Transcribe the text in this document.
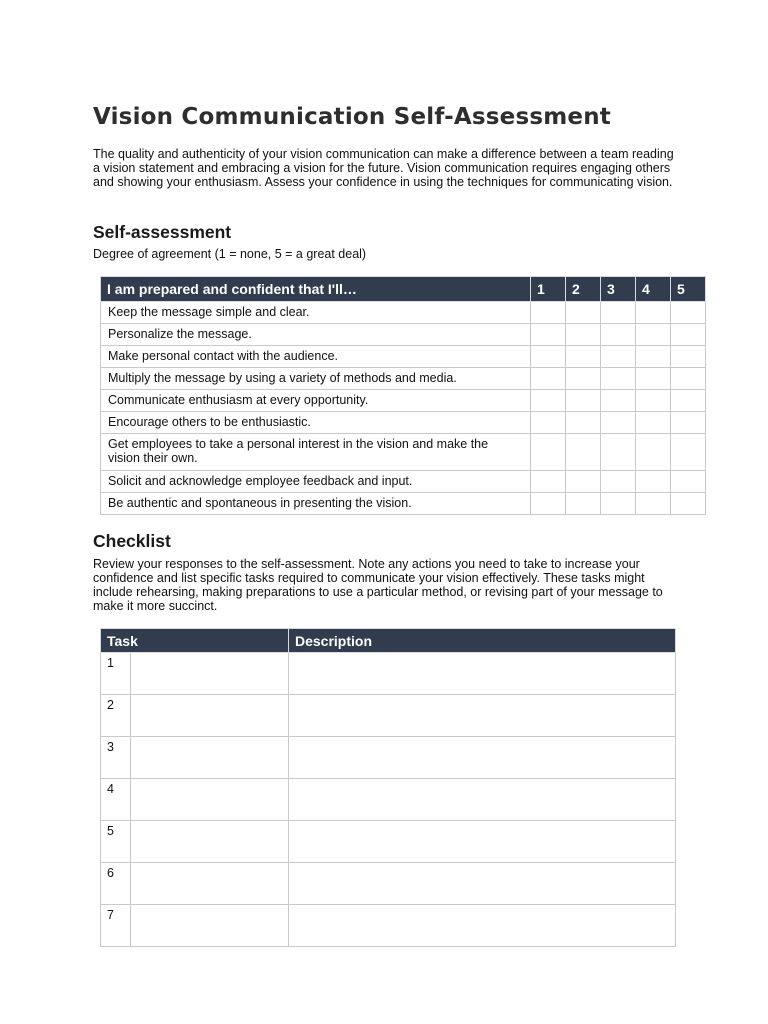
Vision Communication Self-Assessment

The quality and authenticity of your vision communication can make a difference between a team reading a vision statement and embracing a vision for the future. Vision communication requires engaging others and showing your enthusiasm. Assess your confidence in using the techniques for communicating vision.

Self-assessment

Degree of agreement (1 = none, 5 = a great deal)

I am prepared and confident that I'll…	1	2	3	4	5
Keep the message simple and clear.					
Personalize the message.					
Make personal contact with the audience.					
Multiply the message by using a variety of methods and media.					
Communicate enthusiasm at every opportunity.					
Encourage others to be enthusiastic.					
Get employees to take a personal interest in the vision and make the vision their own.					
Solicit and acknowledge employee feedback and input.					
Be authentic and spontaneous in presenting the vision.					
Checklist

Review your responses to the self-assessment. Note any actions you need to take to increase your confidence and list specific tasks required to communicate your vision effectively. These tasks might include rehearsing, making preparations to use a particular method, or revising part of your message to make it more succinct.

Task		Description
1		
2		
3		
4		
5		
6		
7		
